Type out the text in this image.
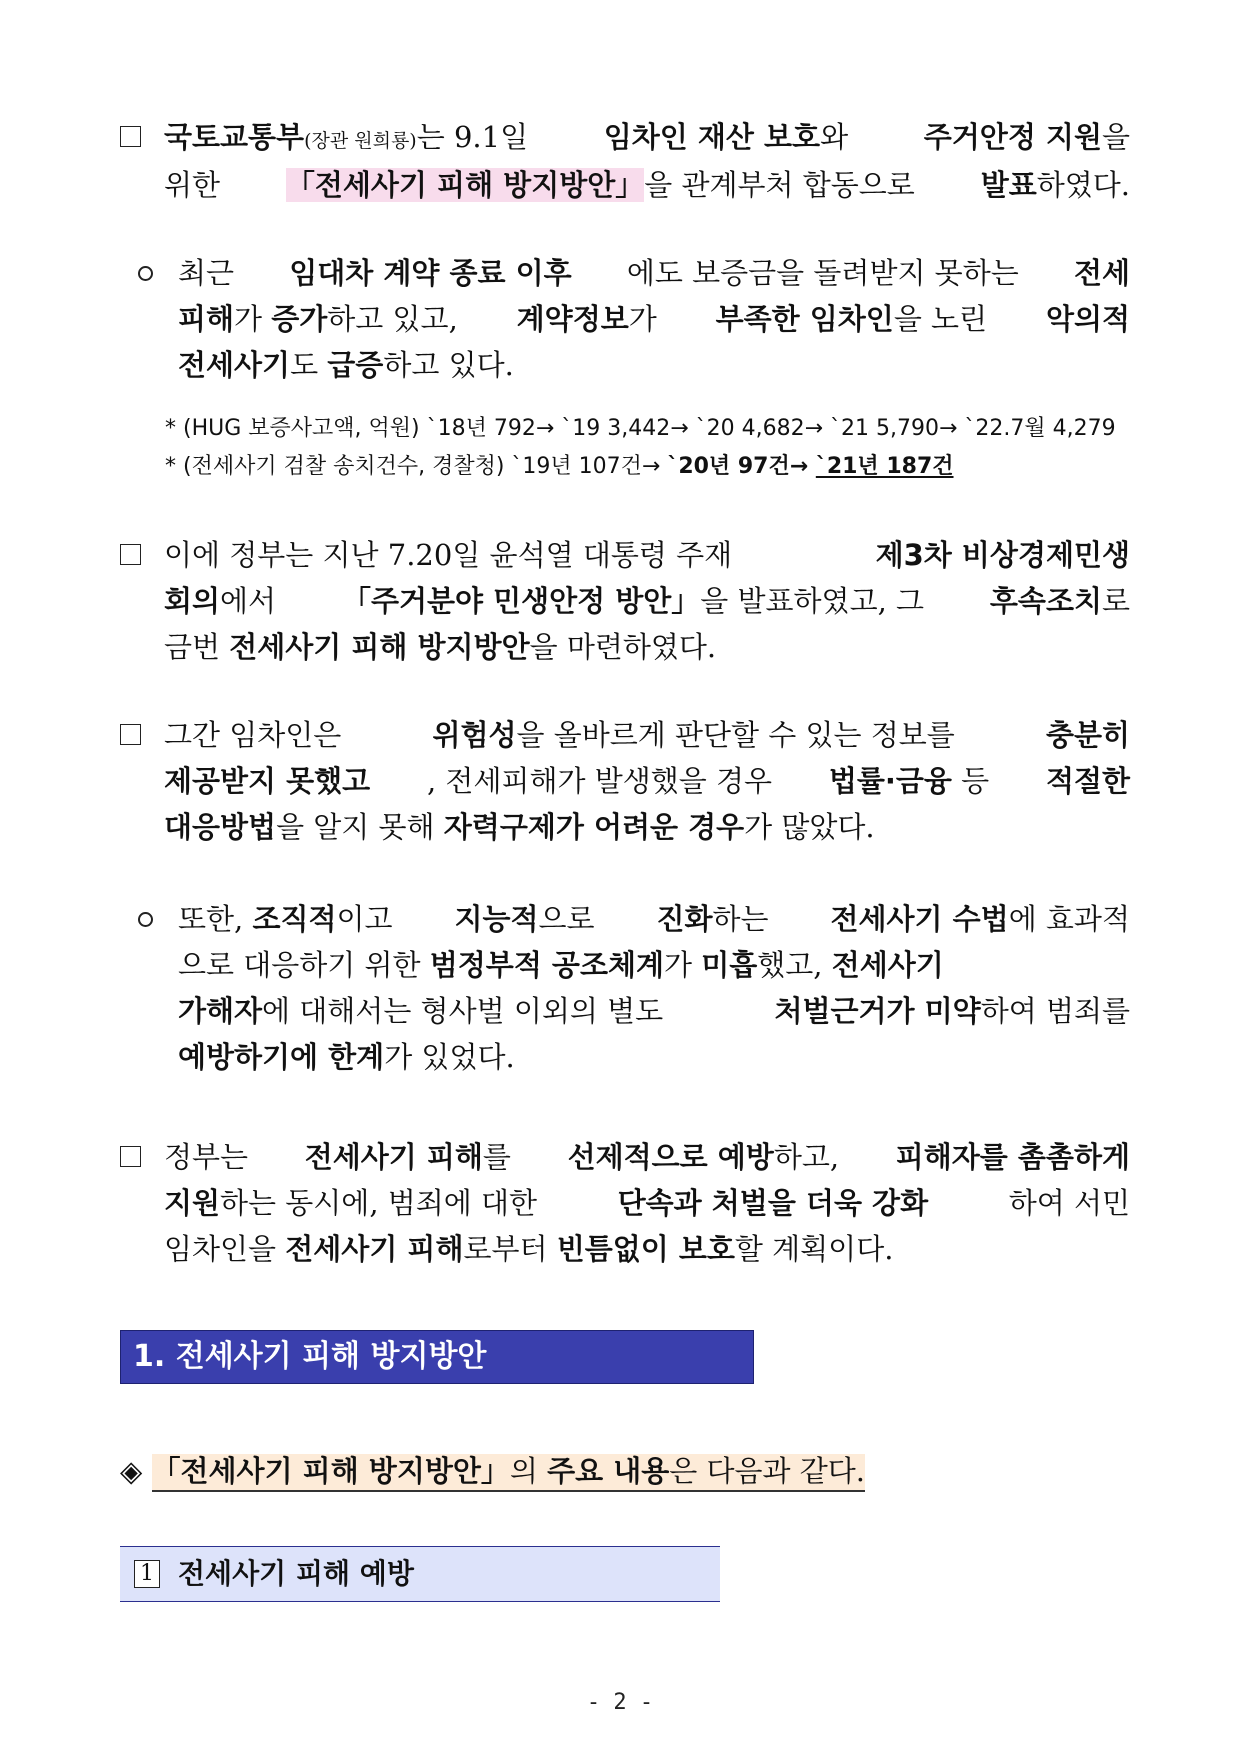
국토교통부(장관 원희룡)는 9.1일	임차인 재산 보호와	주거안정 지원을
위한 「전세사기 피해 방지방안」을 관계부처 합동으로 발표하였다.
최근 임대차 계약 종료 이후 에도 보증금을 돌려받지 못하는 전세
피해가 증가하고 있고, 계약정보가 부족한 임차인을 노린 악의적
전세사기도 급증하고 있다.
* (HUG 보증사고액, 억원) `18년 792→ `19 3,442→ `20 4,682→ `21 5,790→ `22.7월 4,279
* (전세사기 검찰 송치건수, 경찰청) `19년 107건→ `20년 97건→ `21년 187건
이에 정부는 지난 7.20일 윤석열 대통령 주재	제3차 비상경제민생
회의에서 「주거분야 민생안정 방안」을 발표하였고, 그 후속조치로
금번 전세사기 피해 방지방안을 마련하였다.
그간 임차인은	위험성을 올바르게 판단할 수 있는 정보를	충분히
제공받지 못했고 , 전세피해가 발생했을 경우 법률·금융 등 적절한
대응방법을 알지 못해 자력구제가 어려운 경우가 많았다.
또한, 조직적이고 지능적으로 진화하는 전세사기 수법에 효과적
으로 대응하기 위한 범정부적 공조체계가 미흡했고, 전세사기
가해자에 대해서는 형사벌 이외의 별도	처벌근거가 미약하여 범죄를
예방하기에 한계가 있었다.
정부는 전세사기 피해를 선제적으로 예방하고, 피해자를 촘촘하게
지원하는 동시에, 범죄에 대한	단속과 처벌을 더욱 강화	하여 서민
임차인을 전세사기 피해로부터 빈틈없이 보호할 계획이다.
1. 전세사기 피해 방지방안
◈ 「전세사기 피해 방지방안」의 주요 내용은 다음과 같다.
1 전세사기 피해 예방
- 2 -
